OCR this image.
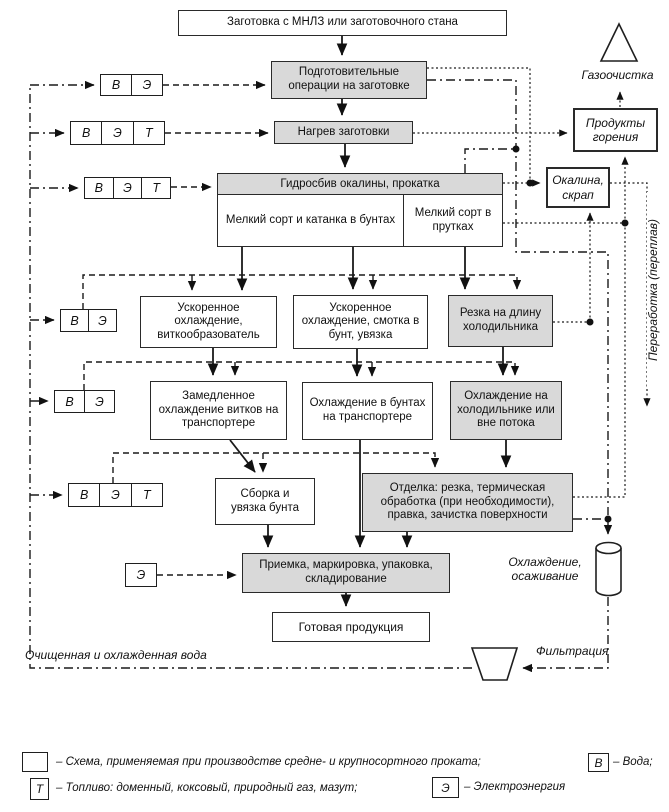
Заготовка с МНЛЗ или заготовочного стана
Подготовительные операции на заготовке
Нагрев заготовки
Гидросбив окалины, прокатка
Мелкий сорт и катанка в бунтах
Мелкий сорт в прутках
Ускоренное охлаждение, виткообразователь
Ускоренное охлаждение, смотка в бунт, увязка
Резка на длину холодильника
Замедленное охлаждение витков на транспортере
Охлаждение в бунтах на транспортере
Охлаждение на холодильнике или вне потока
Сборка и увязка бунта
Отделка: резка, термическая обработка (при необходимости), правка, зачистка поверхности
Приемка, маркировка, упаковка, складирование
Готовая продукция
В	Э
В	Э	Т
В	Э	Т
В	Э
В	Э
В	Э	Т
Э
Газоочистка
Продукты горения
Окалина, скрап
Переработка (переплав)
Охлаждение, осаживание
Очищенная и охлажденная вода	Фильтрация
– Схема, применяемая при производстве средне- и крупносортного проката;	В – Вода;
Т	– Топливо: доменный, коксовый, природный газ, мазут;	Э	– Электроэнергия
